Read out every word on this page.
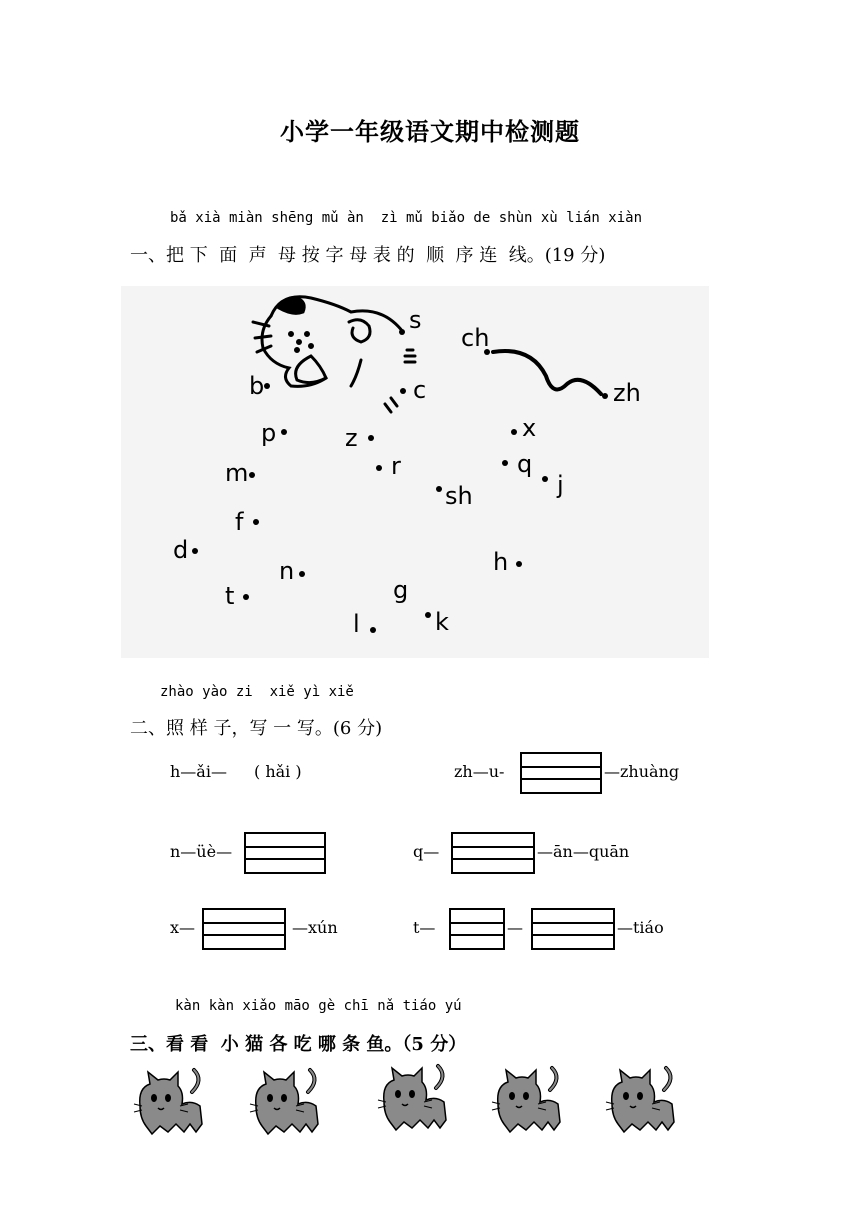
小学一年级语文期中检测题
bǎ xià miàn shēng mǔ àn  zì mǔ biǎo de shùn xù lián xiàn
一、把 下  面  声  母 按 字 母 表 的  顺  序 连  线。(19 分)
s
ch
zh
b	c
p	z	x
m	r	q
j
sh
f
d	h
n
t	g
l	k
zhào yào zi  xiě yì xiě
二、照 样 子，写 一 写。(6 分)
h—ǎi— ( hǎi )	zh—u-	—zhuàng
n—üè—	q—	—ān—quān
x—	—xún	t—	—	—tiáo
kàn kàn xiǎo māo gè chī nǎ tiáo yú
三、看 看  小 猫 各 吃 哪 条 鱼。（5 分）
